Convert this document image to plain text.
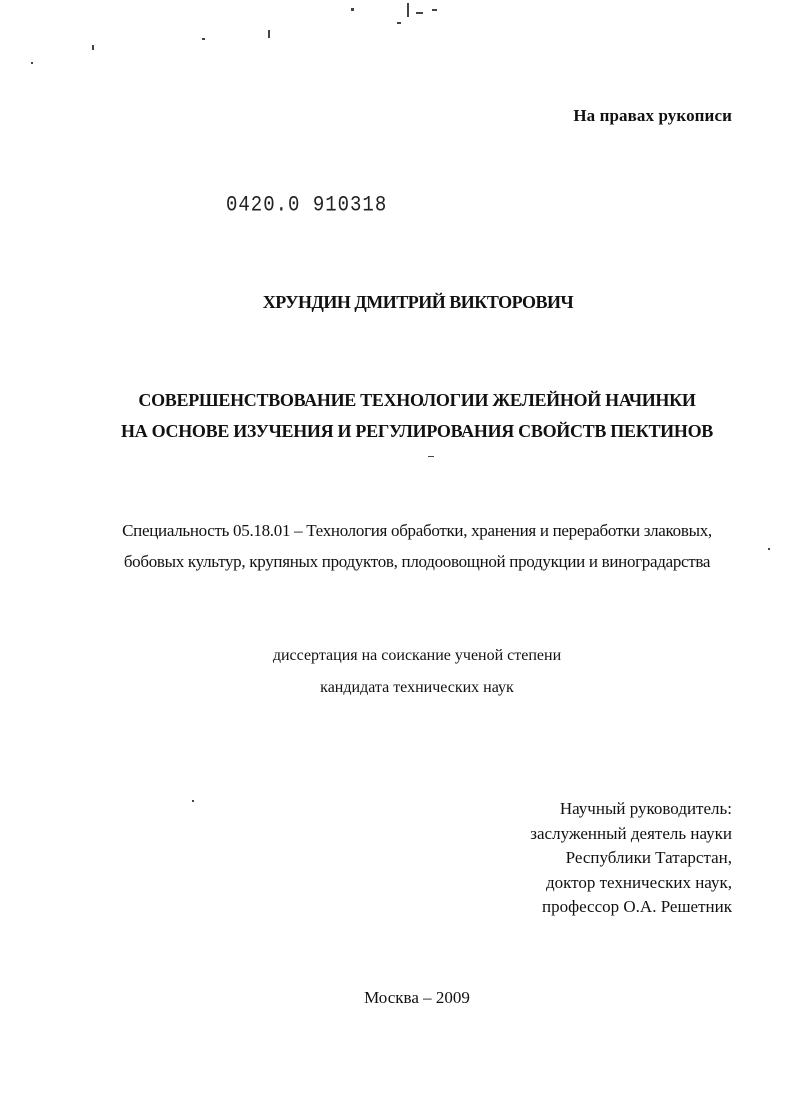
На правах рукописи
0420.0 910318
ХРУНДИН ДМИТРИЙ ВИКТОРОВИЧ
СОВЕРШЕНСТВОВАНИЕ ТЕХНОЛОГИИ ЖЕЛЕЙНОЙ НАЧИНКИ
НА ОСНОВЕ ИЗУЧЕНИЯ И РЕГУЛИРОВАНИЯ СВОЙСТВ ПЕКТИНОВ
Специальность 05.18.01 – Технология обработки, хранения и переработки злаковых,
бобовых культур, крупяных продуктов, плодоовощной продукции и виноградарства
диссертация на соискание ученой степени
кандидата технических наук
Научный руководитель:
заслуженный деятель науки
Республики Татарстан,
доктор технических наук,
профессор О.А. Решетник
Москва – 2009
